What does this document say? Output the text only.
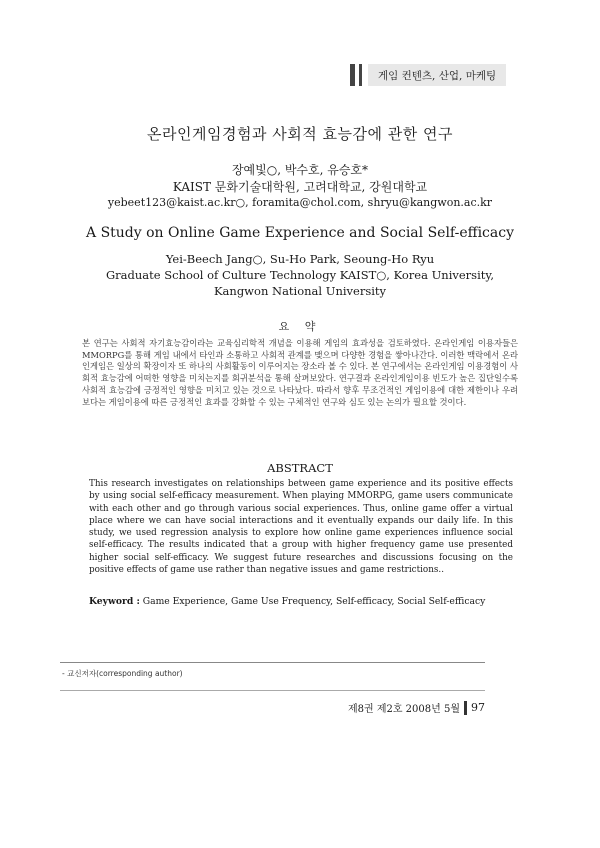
게임 컨텐츠, 산업, 마케팅
온라인게임경험과 사회적 효능감에 관한 연구
장예빛○, 박수호, 유승호*
KAIST 문화기술대학원, 고려대학교, 강원대학교
yebeet123@kaist.ac.kr○, foramita@chol.com, shryu@kangwon.ac.kr
A Study on Online Game Experience and Social Self-efficacy
Yei-Beech Jang○, Su-Ho Park, Seoung-Ho Ryu
Graduate School of Culture Technology KAIST○, Korea University,
Kangwon National University
요 약
본 연구는 사회적 자기효능감이라는 교육심리학적 개념을 이용해 게임의 효과성을 검토하였다. 온라인게임 이용자들은 MMORPG를 통해 게임 내에서 타인과 소통하고 사회적 관계를 맺으며 다양한 경험을 쌓아나간다. 이러한 맥락에서 온라인게임은 일상의 확장이자 또 하나의 사회활동이 이루어지는 장소라 볼 수 있다. 본 연구에서는 온라인게임 이용경험이 사회적 효능감에 어떠한 영향을 미치는지를 회귀분석을 통해 살펴보았다. 연구결과 온라인게임이용 빈도가 높은 집단일수록 사회적 효능감에 긍정적인 영향을 미치고 있는 것으로 나타났다. 따라서 향후 무조건적인 게임이용에 대한 제한이나 우려보다는 게임이용에 따른 긍정적인 효과를 강화할 수 있는 구체적인 연구와 심도 있는 논의가 필요할 것이다.
ABSTRACT
This research investigates on relationships between game experience and its positive effects by using social self-efficacy measurement. When playing MMORPG, game users communicate with each other and go through various social experiences. Thus, online game offer a virtual place where we can have social interactions and it eventually expands our daily life. In this study, we used regression analysis to explore how online game experiences influence social self-efficacy. The results indicated that a group with higher frequency game use presented higher social self-efficacy. We suggest future researches and discussions focusing on the positive effects of game use rather than negative issues and game restrictions..
Keyword : Game Experience, Game Use Frequency, Self-efficacy, Social Self-efficacy
- 교신저자(corresponding author)
제8권 제2호 2008년 5월 97
